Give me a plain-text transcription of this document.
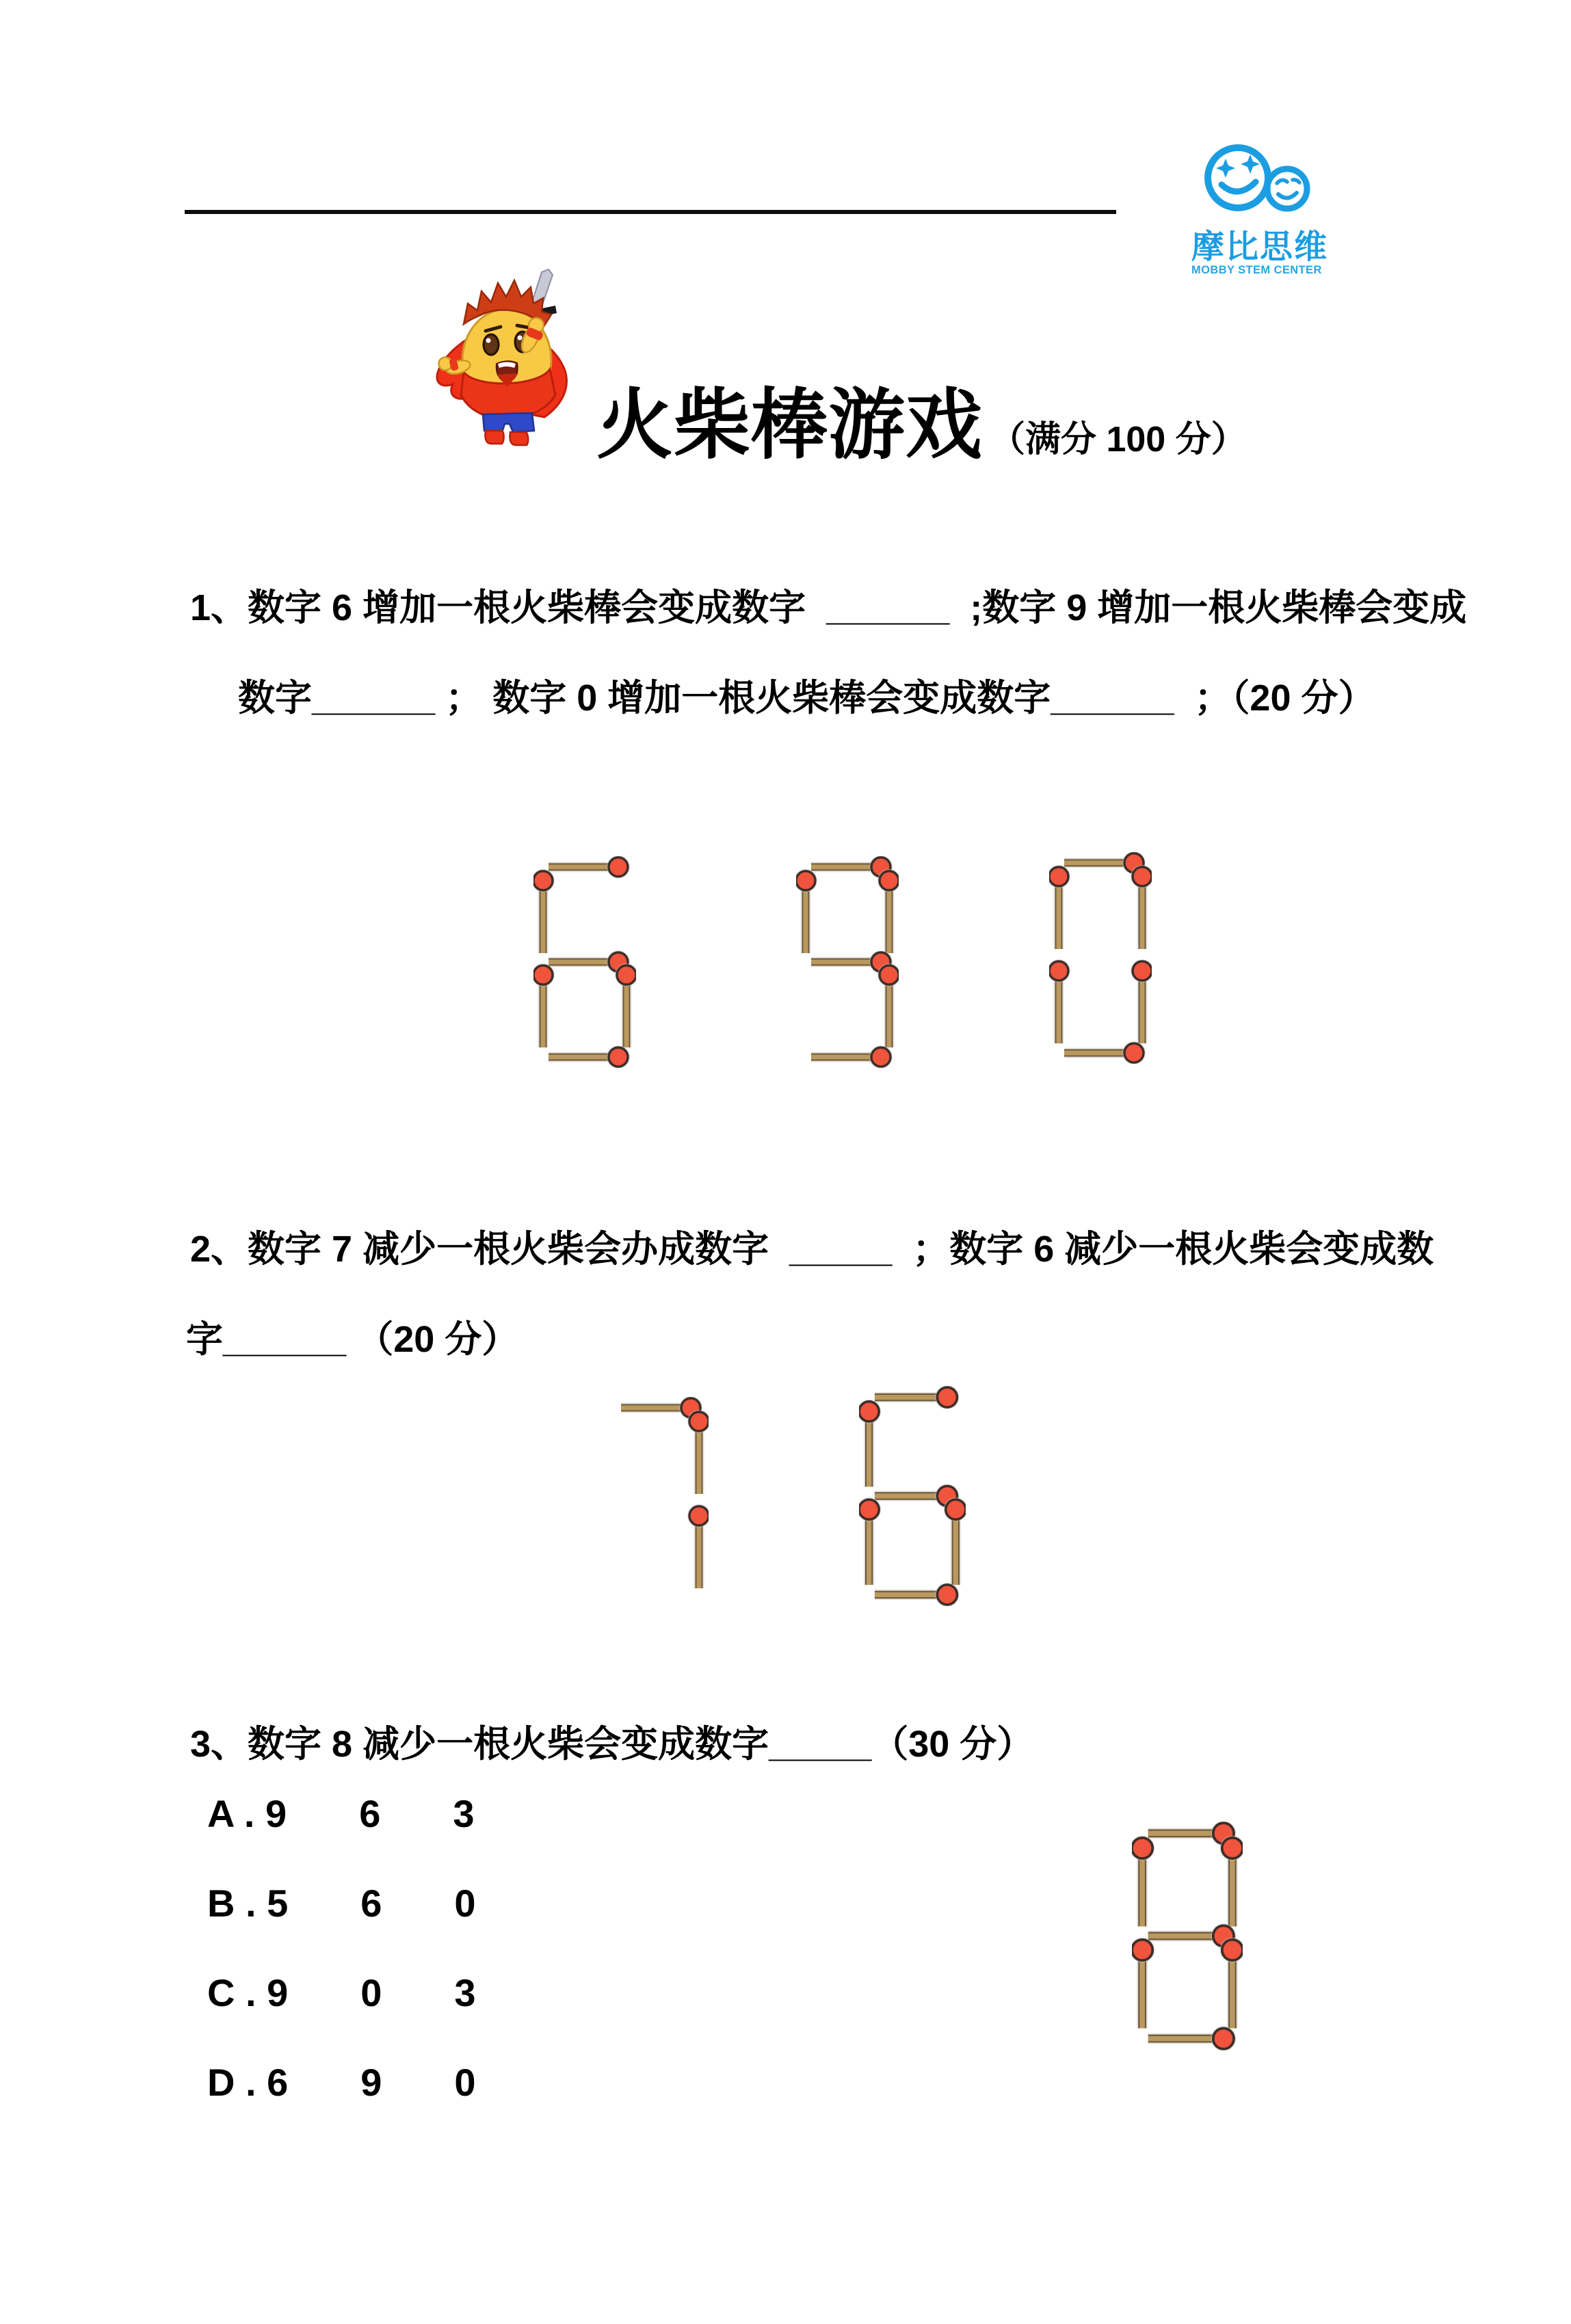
摩比思维
MOBBY STEM CENTER
火柴棒游戏 （满分 100 分）
1、数字 6 增加一根火柴棒会变成数字  ______  ;数字 9 增加一根火柴棒会变成
数字______ ； 数字 0 增加一根火柴棒会变成数字______  ；（20 分）
2、数字 7 减少一根火柴会办成数字  _____  ；数字 6 减少一根火柴会变成数
字______ （20 分）
3、数字 8 减少一根火柴会变成数字_____（30 分）
A . 9 6 3
B . 5 6 0
C . 9 0 3
D . 6 9 0
